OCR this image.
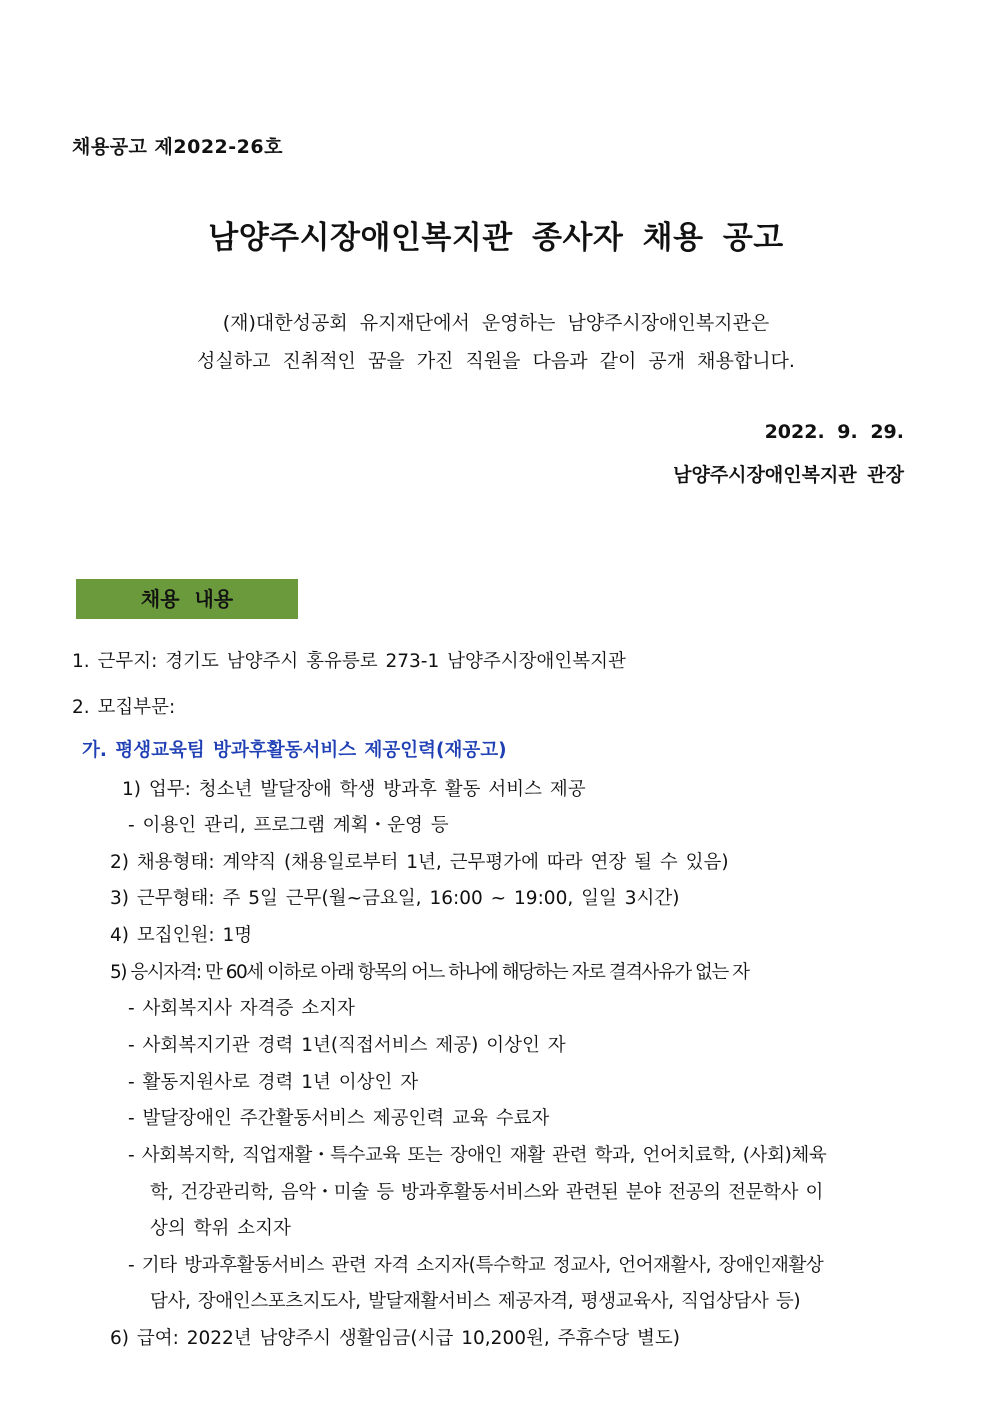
채용공고 제2022-26호
남양주시장애인복지관 종사자 채용 공고
(재)대한성공회 유지재단에서 운영하는 남양주시장애인복지관은
성실하고 진취적인 꿈을 가진 직원을 다음과 같이 공개 채용합니다.
2022. 9. 29.
남양주시장애인복지관 관장
채용 내용
1. 근무지: 경기도 남양주시 홍유릉로 273-1 남양주시장애인복지관
2. 모집부문:
가. 평생교육팀 방과후활동서비스 제공인력(재공고)
1) 업무: 청소년 발달장애 학생 방과후 활동 서비스 제공
- 이용인 관리, 프로그램 계획・운영 등
2) 채용형태: 계약직 (채용일로부터 1년, 근무평가에 따라 연장 될 수 있음)
3) 근무형태: 주 5일 근무(월~금요일, 16:00 ~ 19:00, 일일 3시간)
4) 모집인원: 1명
5) 응시자격: 만 60세 이하로 아래 항목의 어느 하나에 해당하는 자로 결격사유가 없는 자
- 사회복지사 자격증 소지자
- 사회복지기관 경력 1년(직접서비스 제공) 이상인 자
- 활동지원사로 경력 1년 이상인 자
- 발달장애인 주간활동서비스 제공인력 교육 수료자
- 사회복지학, 직업재활・특수교육 또는 장애인 재활 관련 학과, 언어치료학, (사회)체육
학, 건강관리학, 음악・미술 등 방과후활동서비스와 관련된 분야 전공의 전문학사 이
상의 학위 소지자
- 기타 방과후활동서비스 관련 자격 소지자(특수학교 정교사, 언어재활사, 장애인재활상
담사, 장애인스포츠지도사, 발달재활서비스 제공자격, 평생교육사, 직업상담사 등)
6) 급여: 2022년 남양주시 생활임금(시급 10,200원, 주휴수당 별도)
